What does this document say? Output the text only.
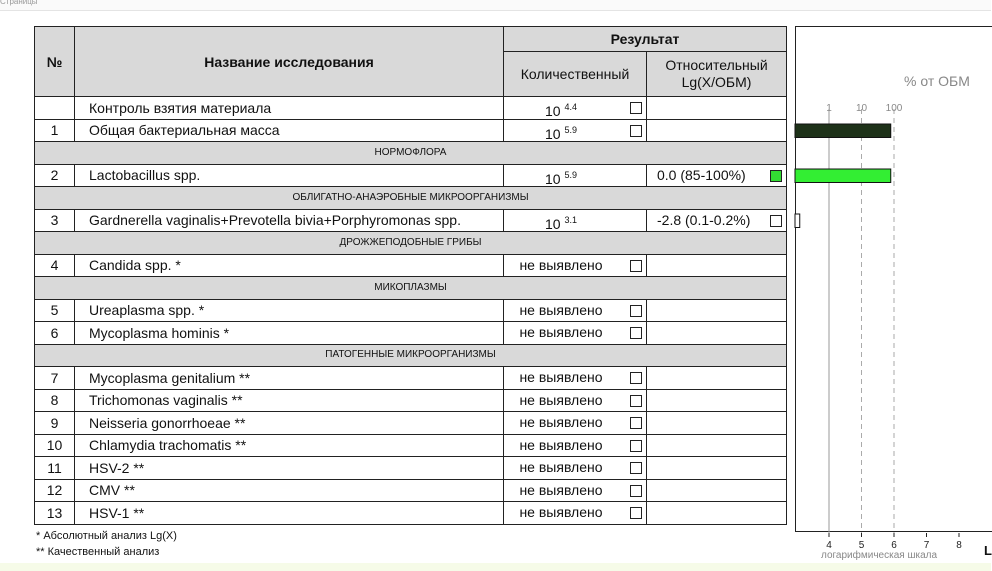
Страницы
№	Название исследования	Результат	
		Количественный	Относительный Lg(X/ОБМ)
	Контроль взятия материала	10 $^{4.4}$

1	Общая бактериальная масса	10 $^{5.9}$

НОРМОФЛОРА			
2	Lactobacillus spp.	10 $^{5.9}$	0.0 (85-100%)

ОБЛИГАТНО-АНАЭРОБНЫЕ МИКРООРГАНИЗМЫ			
3	Gardnerella vaginalis+Prevotella bivia+Porphyromonas spp.	10 $^{3.1}$	-2.8 (0.1-0.2%)

ДРОЖЖЕПОДОБНЫЕ ГРИБЫ			
4	Candida spp. *	не выявлено	

МИКОПЛАЗМЫ			
5	Ureaplasma spp. *	не выявлено	

6	Mycoplasma hominis *	не выявлено	

ПАТОГЕННЫЕ МИКРООРГАНИЗМЫ			
7	Mycoplasma genitalium **	не выявлено	

8	Trichomonas vaginalis **	не выявлено	

9	Neisseria gonorrhoeae **	не выявлено	

10	Chlamydia trachomatis **	не выявлено	

11	HSV-2 **	не выявлено	

12	CMV **	не выявлено	

13	HSV-1 **	не выявлено	

* Абсолютный анализ Lg(X)
** Качественный анализ
1 10 100
4	5	6	7	8
% от ОБМ
логарифмическая шкала	L
